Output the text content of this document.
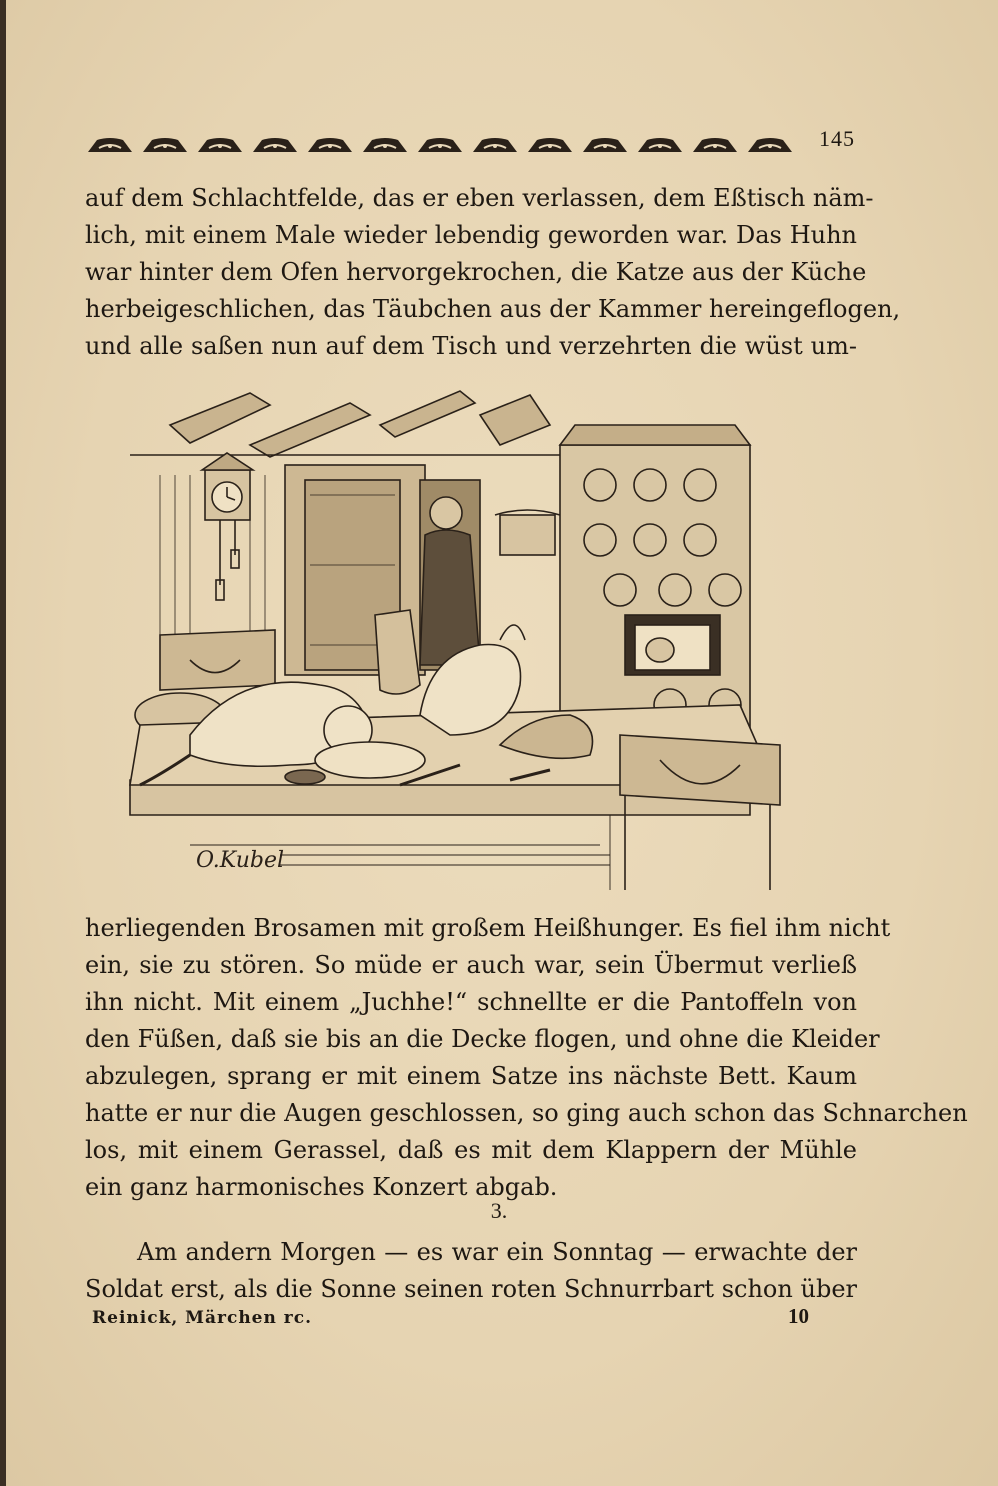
145
auf dem Schlachtfelde, das er eben verlassen, dem Eßtisch näm-
lich, mit einem Male wieder lebendig geworden war. Das Huhn
war hinter dem Ofen hervorgekrochen, die Katze aus der Küche
herbeigeschlichen, das Täubchen aus der Kammer hereingeflogen,
und alle saßen nun auf dem Tisch und verzehrten die wüst um-
O.Kubel
herliegenden Brosamen mit großem Heißhunger. Es fiel ihm nicht
ein, sie zu stören. So müde er auch war, sein Übermut verließ
ihn nicht. Mit einem „Juchhe!“ schnellte er die Pantoffeln von
den Füßen, daß sie bis an die Decke flogen, und ohne die Kleider
abzulegen, sprang er mit einem Satze ins nächste Bett. Kaum
hatte er nur die Augen geschlossen, so ging auch schon das Schnarchen
los, mit einem Gerassel, daß es mit dem Klappern der Mühle
ein ganz harmonisches Konzert abgab.
3.
Am andern Morgen — es war ein Sonntag — erwachte der
Soldat erst, als die Sonne seinen roten Schnurrbart schon über
Reinick, Märchen rc.	10
